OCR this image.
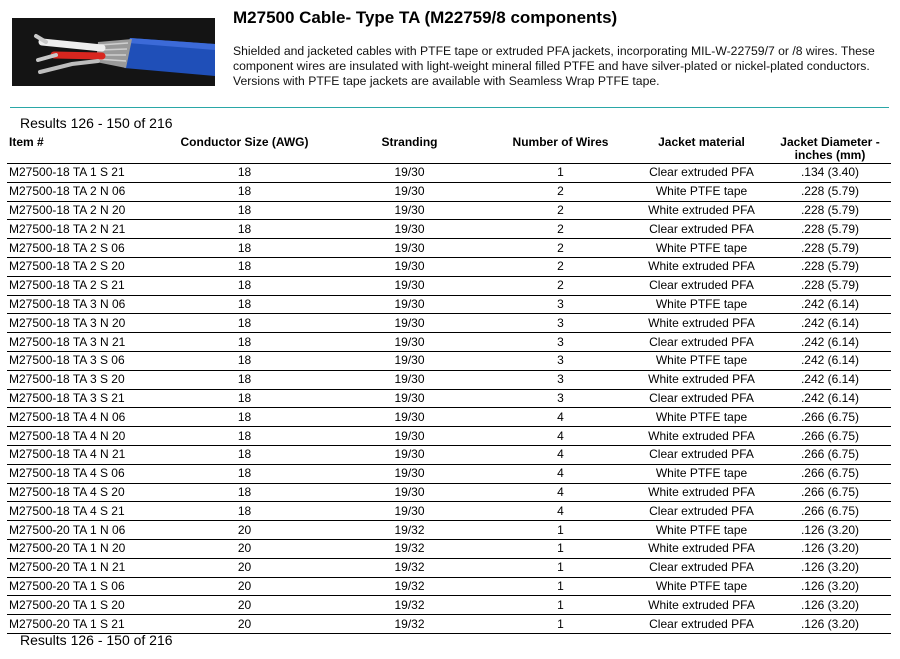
M27500 Cable- Type TA (M22759/8 components)

Shielded and jacketed cables with PTFE tape or extruded PFA jackets, incorporating MIL-W-22759/7 or /8 wires. These component wires are insulated with light-weight mineral filled PTFE and have silver-plated or nickel-plated conductors. Versions with PTFE tape jackets are available with Seamless Wrap PTFE tape.

Results 126 - 150 of 216
Item #	Conductor Size (AWG)	Stranding	Number of Wires	Jacket material	Jacket Diameter - inches (mm)
M27500-18 TA 1 S 21	18	19/30	1	Clear extruded PFA	.134 (3.40)
M27500-18 TA 2 N 06	18	19/30	2	White PTFE tape	.228 (5.79)
M27500-18 TA 2 N 20	18	19/30	2	White extruded PFA	.228 (5.79)
M27500-18 TA 2 N 21	18	19/30	2	Clear extruded PFA	.228 (5.79)
M27500-18 TA 2 S 06	18	19/30	2	White PTFE tape	.228 (5.79)
M27500-18 TA 2 S 20	18	19/30	2	White extruded PFA	.228 (5.79)
M27500-18 TA 2 S 21	18	19/30	2	Clear extruded PFA	.228 (5.79)
M27500-18 TA 3 N 06	18	19/30	3	White PTFE tape	.242 (6.14)
M27500-18 TA 3 N 20	18	19/30	3	White extruded PFA	.242 (6.14)
M27500-18 TA 3 N 21	18	19/30	3	Clear extruded PFA	.242 (6.14)
M27500-18 TA 3 S 06	18	19/30	3	White PTFE tape	.242 (6.14)
M27500-18 TA 3 S 20	18	19/30	3	White extruded PFA	.242 (6.14)
M27500-18 TA 3 S 21	18	19/30	3	Clear extruded PFA	.242 (6.14)
M27500-18 TA 4 N 06	18	19/30	4	White PTFE tape	.266 (6.75)
M27500-18 TA 4 N 20	18	19/30	4	White extruded PFA	.266 (6.75)
M27500-18 TA 4 N 21	18	19/30	4	Clear extruded PFA	.266 (6.75)
M27500-18 TA 4 S 06	18	19/30	4	White PTFE tape	.266 (6.75)
M27500-18 TA 4 S 20	18	19/30	4	White extruded PFA	.266 (6.75)
M27500-18 TA 4 S 21	18	19/30	4	Clear extruded PFA	.266 (6.75)
M27500-20 TA 1 N 06	20	19/32	1	White PTFE tape	.126 (3.20)
M27500-20 TA 1 N 20	20	19/32	1	White extruded PFA	.126 (3.20)
M27500-20 TA 1 N 21	20	19/32	1	Clear extruded PFA	.126 (3.20)
M27500-20 TA 1 S 06	20	19/32	1	White PTFE tape	.126 (3.20)
M27500-20 TA 1 S 20	20	19/32	1	White extruded PFA	.126 (3.20)
M27500-20 TA 1 S 21	20	19/32	1	Clear extruded PFA	.126 (3.20)
Results 126 - 150 of 216
